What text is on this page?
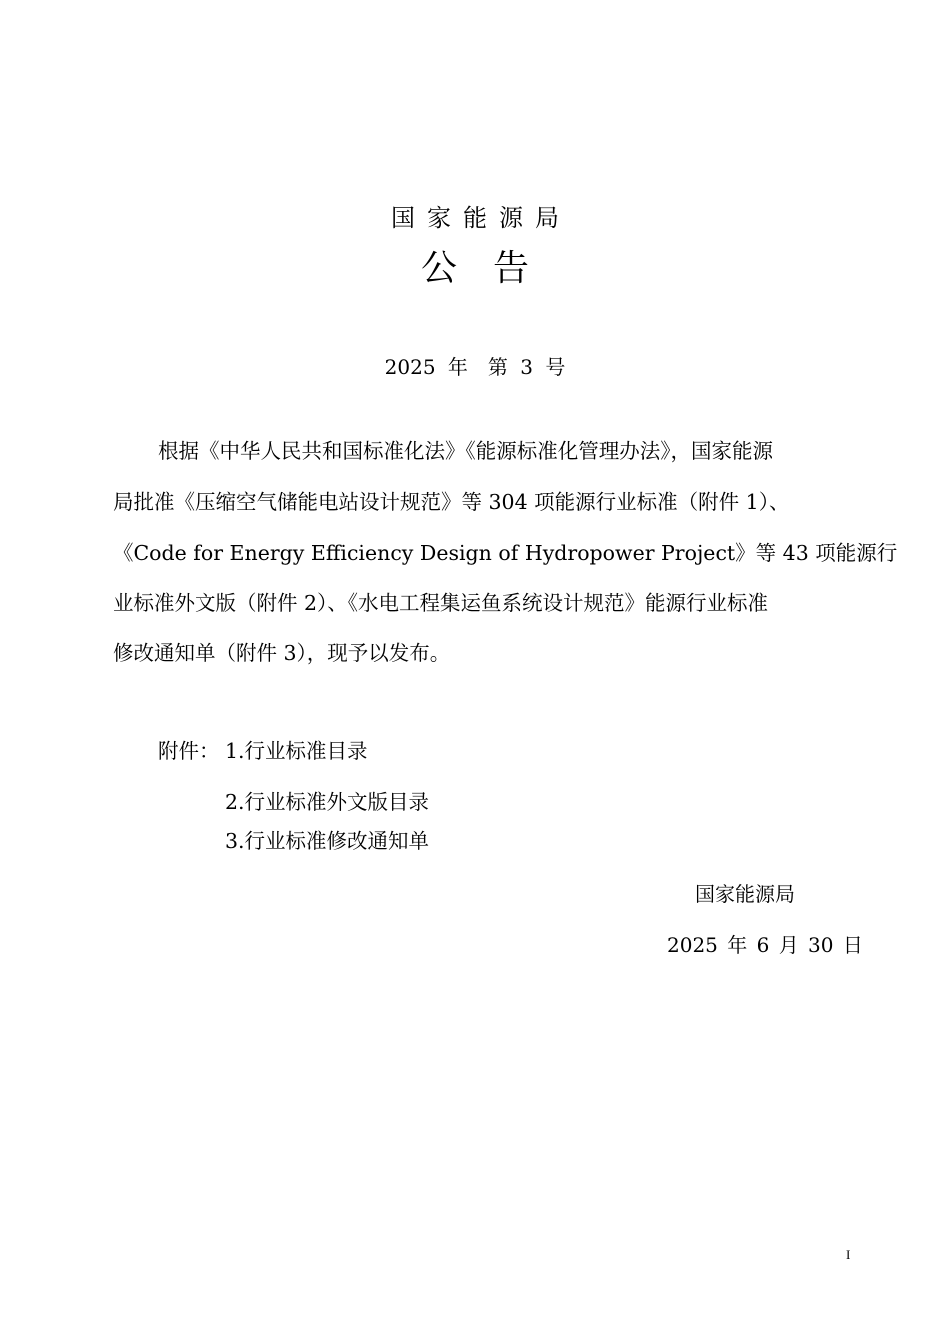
国家能源局
公告
2025 年　第 3 号
根据《中华人民共和国标准化法》《能源标准化管理办法》，国家能源
局批准《压缩空气储能电站设计规范》等 304 项能源行业标准（附件 1）、
《Code for Energy Efficiency Design of Hydropower Project》等 43 项能源行
业标准外文版（附件 2）、《水电工程集运鱼系统设计规范》能源行业标准
修改通知单（附件 3），现予以发布。
附件： 1.行业标准目录
2.行业标准外文版目录
3.行业标准修改通知单
国家能源局
2025 年 6 月 30 日
I
